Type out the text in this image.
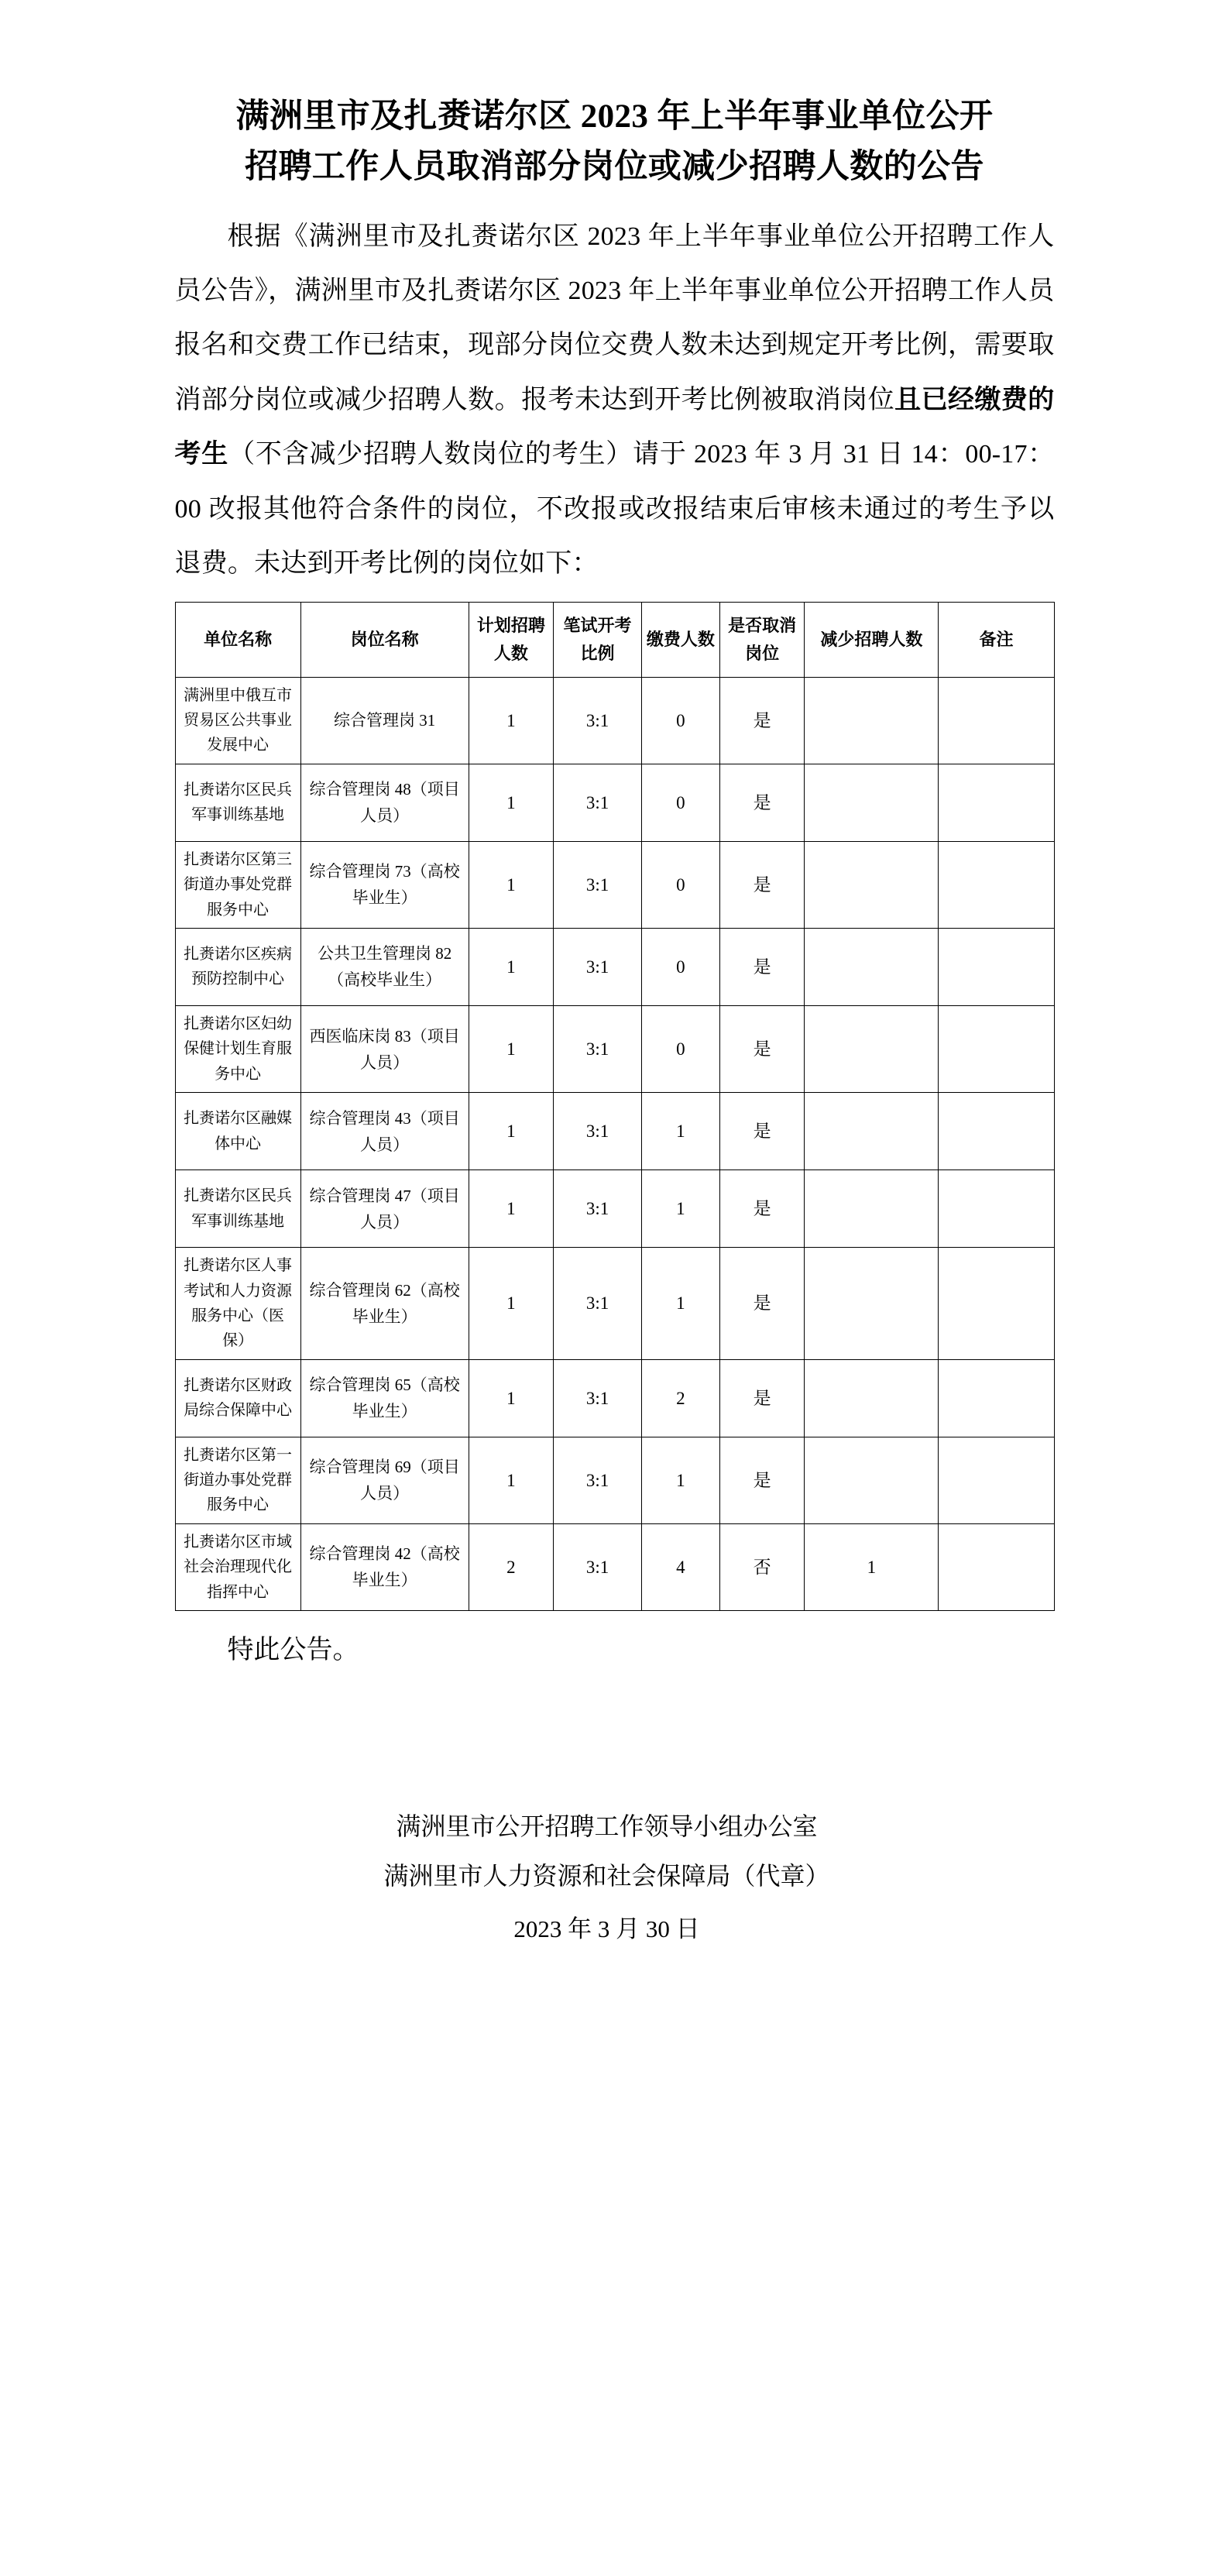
满洲里市及扎赉诺尔区 2023 年上半年事业单位公开
招聘工作人员取消部分岗位或减少招聘人数的公告

根据《满洲里市及扎赉诺尔区 2023 年上半年事业单位公开招聘工作人员公告》，满洲里市及扎赉诺尔区 2023 年上半年事业单位公开招聘工作人员报名和交费工作已结束，现部分岗位交费人数未达到规定开考比例，需要取消部分岗位或减少招聘人数。报考未达到开考比例被取消岗位且已经缴费的考生（不含减少招聘人数岗位的考生）请于 2023 年 3 月 31 日 14：00-17：00 改报其他符合条件的岗位，不改报或改报结束后审核未通过的考生予以退费。未达到开考比例的岗位如下：

单位名称	岗位名称	计划招聘人数	笔试开考比例	缴费人数	是否取消岗位	减少招聘人数	备注
满洲里中俄互市贸易区公共事业发展中心	综合管理岗 31	1	3:1	0	是		
扎赉诺尔区民兵军事训练基地	综合管理岗 48（项目人员）	1	3:1	0	是		
扎赉诺尔区第三街道办事处党群服务中心	综合管理岗 73（高校毕业生）	1	3:1	0	是		
扎赉诺尔区疾病预防控制中心	公共卫生管理岗 82（高校毕业生）	1	3:1	0	是		
扎赉诺尔区妇幼保健计划生育服务中心	西医临床岗 83（项目人员）	1	3:1	0	是		
扎赉诺尔区融媒体中心	综合管理岗 43（项目人员）	1	3:1	1	是		
扎赉诺尔区民兵军事训练基地	综合管理岗 47（项目人员）	1	3:1	1	是		
扎赉诺尔区人事考试和人力资源服务中心（医保）	综合管理岗 62（高校毕业生）	1	3:1	1	是		
扎赉诺尔区财政局综合保障中心	综合管理岗 65（高校毕业生）	1	3:1	2	是		
扎赉诺尔区第一街道办事处党群服务中心	综合管理岗 69（项目人员）	1	3:1	1	是		
扎赉诺尔区市域社会治理现代化指挥中心	综合管理岗 42（高校毕业生）	2	3:1	4	否	1	

特此公告。

满洲里市公开招聘工作领导小组办公室
满洲里市人力资源和社会保障局（代章）
2023 年 3 月 30 日
